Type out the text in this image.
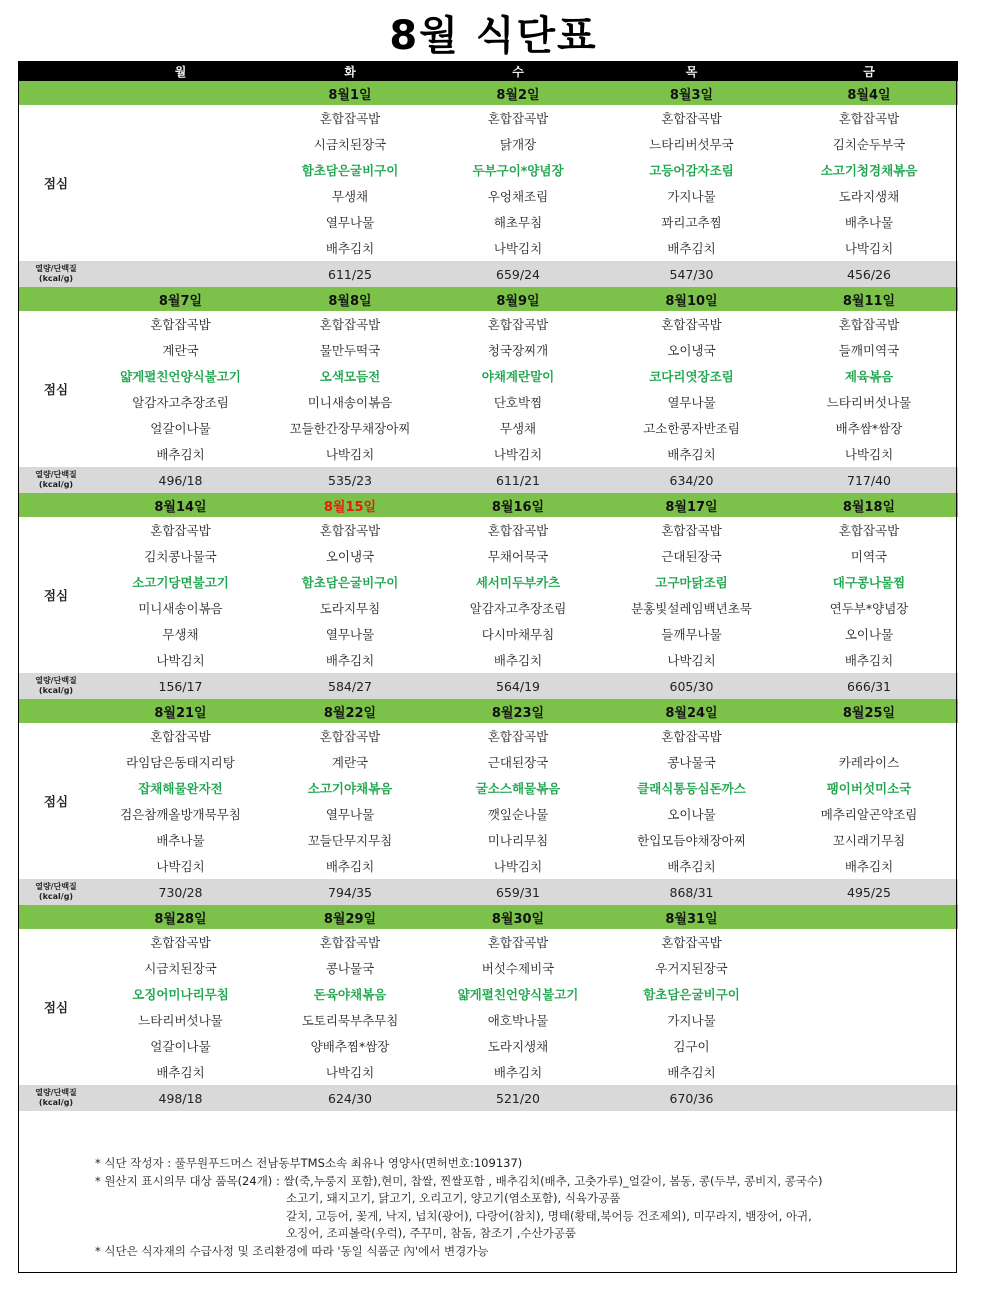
8월 식단표
	월	화	수	목	금
		8월1일	8월2일	8월3일	8월4일
점심		혼합잡곡밥	혼합잡곡밥	혼합잡곡밥	혼합잡곡밥
		시금치된장국	닭개장	느타리버섯무국	김치순두부국
		함초담은굴비구이	두부구이*양념장	고등어감자조림	소고기청경채볶음
		무생채	우엉채조림	가지나물	도라지생채
		열무나물	해초무침	꽈리고추찜	배추나물
		배추김치	나박김치	배추김치	나박김치

열량/단백질
(kcal/g)		611/25	659/24	547/30	456/26
	8월7일	8월8일	8월9일	8월10일	8월11일
점심	혼합잡곡밥	혼합잡곡밥	혼합잡곡밥	혼합잡곡밥	혼합잡곡밥
	계란국	물만두떡국	청국장찌개	오이냉국	들깨미역국
	얇게펼친언양식불고기	오색모듬전	야채계란말이	코다리엿장조림	제육볶음
	알감자고추장조림	미니새송이볶음	단호박찜	열무나물	느타리버섯나물
	얼갈이나물	꼬들한간장무채장아찌	무생채	고소한콩자반조림	배추쌈*쌈장
	배추김치	나박김치	나박김치	배추김치	나박김치

열량/단백질
(kcal/g)	496/18	535/23	611/21	634/20	717/40
	8월14일	8월15일	8월16일	8월17일	8월18일
점심	혼합잡곡밥	혼합잡곡밥	혼합잡곡밥	혼합잡곡밥	혼합잡곡밥
	김치콩나물국	오이냉국	무채어묵국	근대된장국	미역국
	소고기당면불고기	함초담은굴비구이	세서미두부카츠	고구마닭조림	대구콩나물찜
	미니새송이볶음	도라지무침	알감자고추장조림	분홍빛설레임백년초묵	연두부*양념장
	무생채	열무나물	다시마채무침	들깨무나물	오이나물
	나박김치	배추김치	배추김치	나박김치	배추김치

열량/단백질
(kcal/g)	156/17	584/27	564/19	605/30	666/31
	8월21일	8월22일	8월23일	8월24일	8월25일
점심	혼합잡곡밥	혼합잡곡밥	혼합잡곡밥	혼합잡곡밥	
	라임담은동태지리탕	계란국	근대된장국	콩나물국	카레라이스
	잡채해물완자전	소고기야채볶음	굴소스해물볶음	클래식통등심돈까스	팽이버섯미소국
	검은참깨올방개묵무침	열무나물	깻잎순나물	오이나물	메추리알곤약조림
	배추나물	꼬들단무지무침	미나리무침	한입모듬야채장아찌	꼬시래기무침
	나박김치	배추김치	나박김치	배추김치	배추김치

열량/단백질
(kcal/g)	730/28	794/35	659/31	868/31	495/25
	8월28일	8월29일	8월30일	8월31일	
점심	혼합잡곡밥	혼합잡곡밥	혼합잡곡밥	혼합잡곡밥	
	시금치된장국	콩나물국	버섯수제비국	우거지된장국	
	오징어미나리무침	돈육야채볶음	얇게펼친언양식불고기	함초담은굴비구이	
	느타리버섯나물	도토리묵부추무침	애호박나물	가지나물	
	얼갈이나물	양배추찜*쌈장	도라지생채	김구이	
	배추김치	나박김치	배추김치	배추김치	

열량/단백질
(kcal/g)	498/18	624/30	521/20	670/36	
* 식단 작성자 : 풀무원푸드머스 전남동부TMS소속 최유나 영양사(면허번호:109137)
* 원산지 표시의무 대상 품목(24개) : 쌀(죽,누룽지 포함),현미, 찹쌀, 찐쌀포함 , 배추김치(배추, 고춧가루)_얼갈이, 봄동, 콩(두부, 콩비지, 콩국수)
소고기, 돼지고기, 닭고기, 오리고기, 양고기(염소포함), 식육가공품
갈치, 고등어, 꽃게, 낙지, 넙치(광어), 다랑어(참치), 명태(황태,북어등 건조제외), 미꾸라지, 뱀장어, 아귀,
오징어, 조피볼락(우럭), 주꾸미, 참돔, 참조기 ,수산가공품
* 식단은 식자재의 수급사정 및 조리환경에 따라 '동일 식품군 內'에서 변경가능
